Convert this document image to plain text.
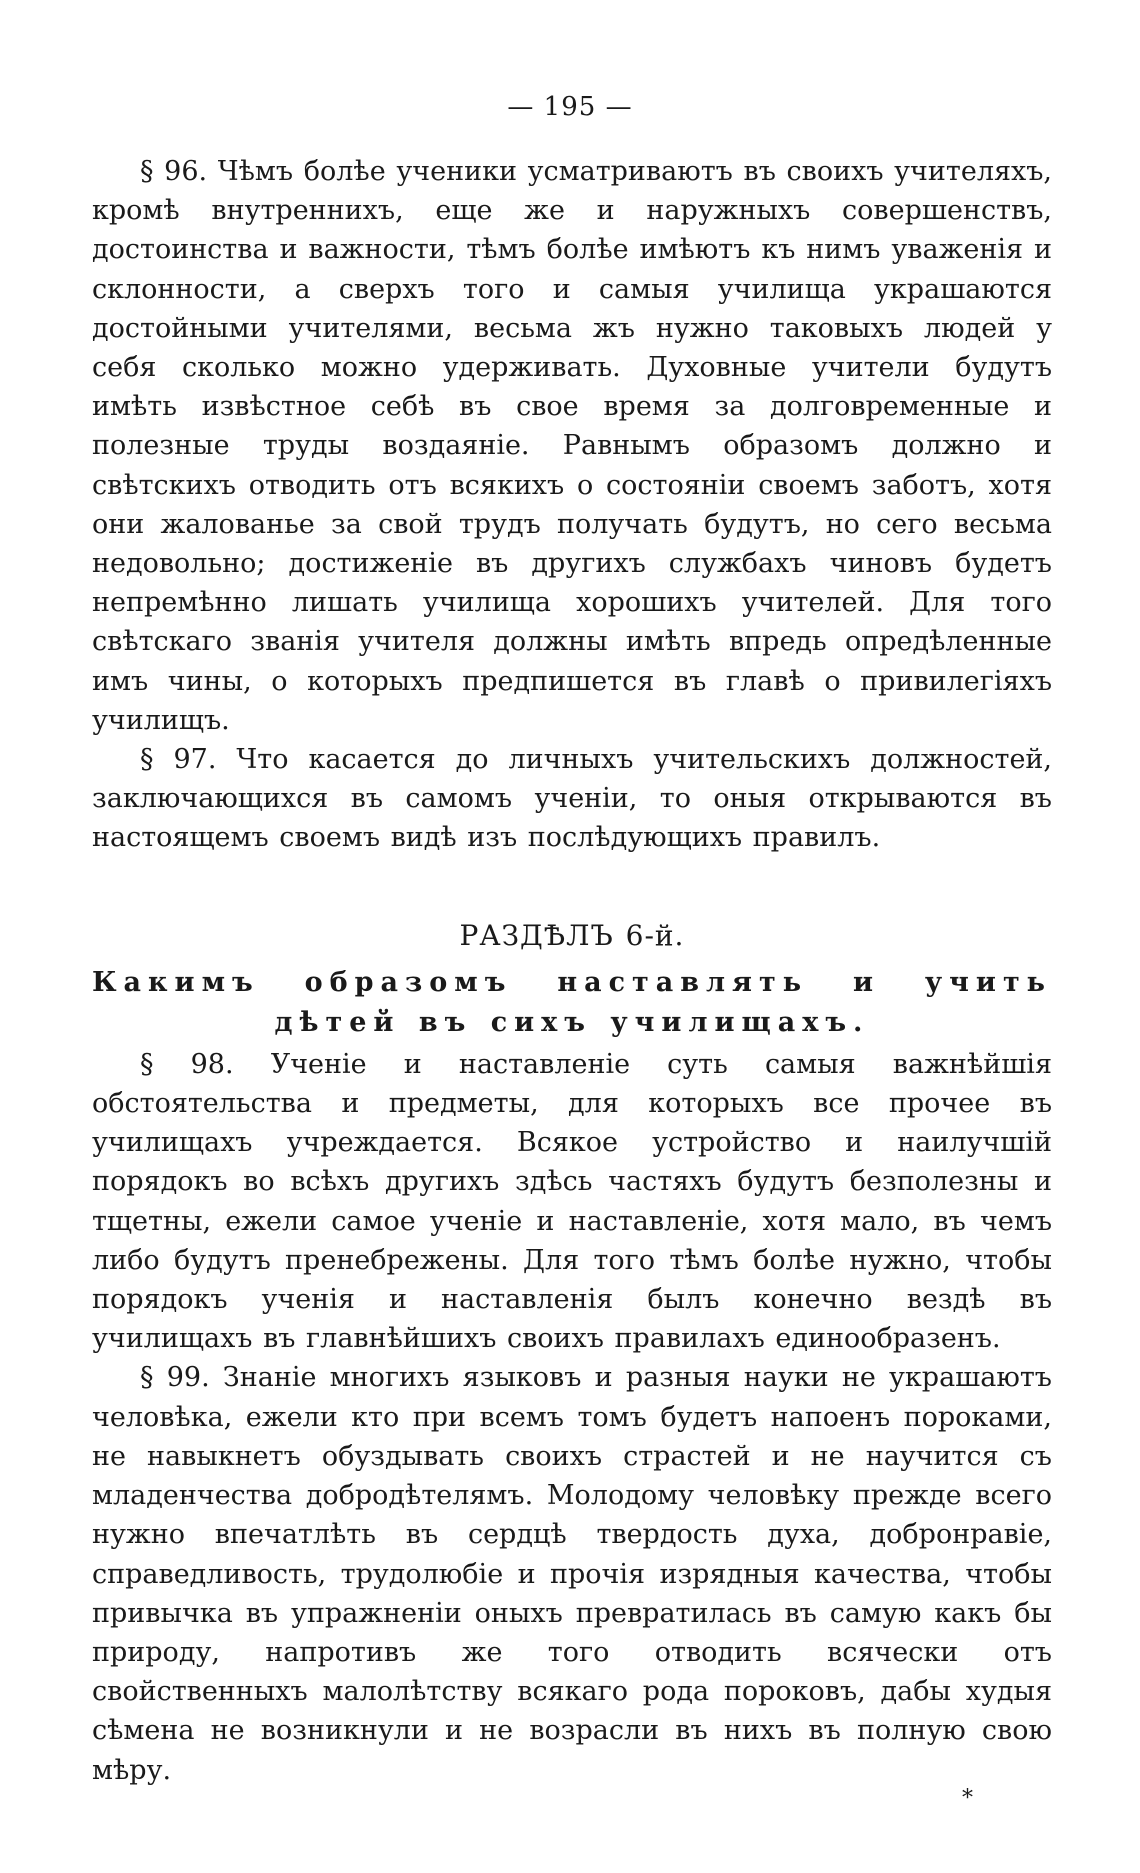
— 195 —

§ 96. Чѣмъ болѣе ученики усматриваютъ въ своихъ учителяхъ, кромѣ внутреннихъ, еще же и наружныхъ совершенствъ, достоинства и важности, тѣмъ болѣе имѣютъ къ нимъ уваженія и склонности, а сверхъ того и самыя училища украшаются достойными учителями, весьма жъ нужно таковыхъ людей у себя сколько можно удерживать. Духовные учители будутъ имѣть извѣстное себѣ въ свое время за долговременные и полезные труды воздаяніе. Равнымъ образомъ должно и свѣтскихъ отводить отъ всякихъ о состояніи своемъ заботъ, хотя они жалованье за свой трудъ получать будутъ, но сего весьма недовольно; достиженіе въ другихъ службахъ чиновъ будетъ непремѣнно лишать училища хорошихъ учителей. Для того свѣтскаго званія учителя должны имѣть впредь опредѣленные имъ чины, о которыхъ предпишется въ главѣ о привилегіяхъ училищъ.

§ 97. Что касается до личныхъ учительскихъ должностей, заключающихся въ самомъ ученіи, то оныя открываются въ настоящемъ своемъ видѣ изъ послѣдующихъ правилъ.

РАЗДѢЛЪ 6-й.
Какимъ образомъ наставлять и учить дѣтей въ сихъ училищахъ.

§ 98. Ученіе и наставленіе суть самыя важнѣйшія обстоятельства и предметы, для которыхъ все прочее въ училищахъ учреждается. Всякое устройство и наилучшій порядокъ во всѣхъ другихъ здѣсь частяхъ будутъ безполезны и тщетны, ежели самое ученіе и наставленіе, хотя мало, въ чемъ либо будутъ пренебрежены. Для того тѣмъ болѣе нужно, чтобы порядокъ ученія и наставленія былъ конечно вездѣ въ училищахъ въ главнѣйшихъ своихъ правилахъ единообразенъ.

§ 99. Знаніе многихъ языковъ и разныя науки не украшаютъ человѣка, ежели кто при всемъ томъ будетъ напоенъ пороками, не навыкнетъ обуздывать своихъ страстей и не научится съ младенчества добродѣтелямъ. Молодому человѣку прежде всего нужно впечатлѣть въ сердцѣ твердость духа, добронравіе, справедливость, трудолюбіе и прочія изрядныя качества, чтобы привычка въ упражненіи оныхъ превратилась въ самую какъ бы природу, напротивъ же того отводить всячески отъ свойственныхъ малолѣтству всякаго рода пороковъ, дабы худыя сѣмена не возникнули и не возрасли въ нихъ въ полную свою мѣру.

*
